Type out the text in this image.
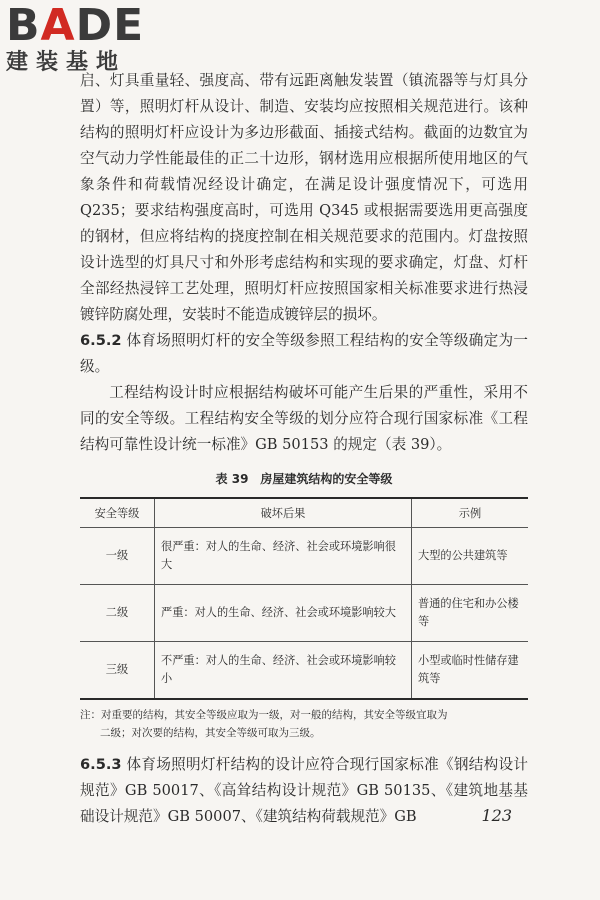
BADE
建装基地

启、灯具重量轻、强度高、带有远距离触发装置（镇流器等与灯具分置）等，照明灯杆从设计、制造、安装均应按照相关规范进行。该种结构的照明灯杆应设计为多边形截面、插接式结构。截面的边数宜为空气动力学性能最佳的正二十边形，钢材选用应根据所使用地区的气象条件和荷载情况经设计确定，在满足设计强度情况下，可选用 Q235；要求结构强度高时，可选用 Q345 或根据需要选用更高强度的钢材，但应将结构的挠度控制在相关规范要求的范围内。灯盘按照设计选型的灯具尺寸和外形考虑结构和实现的要求确定，灯盘、灯杆全部经热浸锌工艺处理，照明灯杆应按照国家相关标准要求进行热浸镀锌防腐处理，安装时不能造成镀锌层的损坏。

6.5.2 体育场照明灯杆的安全等级参照工程结构的安全等级确定为一级。

工程结构设计时应根据结构破坏可能产生后果的严重性，采用不同的安全等级。工程结构安全等级的划分应符合现行国家标准《工程结构可靠性设计统一标准》GB 50153 的规定（表 39）。

表 39　房屋建筑结构的安全等级
安全等级	破坏后果	示例
一级	很严重：对人的生命、经济、社会或环境影响很大	大型的公共建筑等
二级	严重：对人的生命、经济、社会或环境影响较大	普通的住宅和办公楼等
三级	不严重：对人的生命、经济、社会或环境影响较小	小型或临时性储存建筑等
注：对重要的结构，其安全等级应取为一级，对一般的结构，其安全等级宜取为
二级；对次要的结构，其安全等级可取为三级。

6.5.3 体育场照明灯杆结构的设计应符合现行国家标准《钢结构设计规范》GB 50017、《高耸结构设计规范》GB 50135、《建筑地基基础设计规范》GB 50007、《建筑结构荷载规范》GB	123
